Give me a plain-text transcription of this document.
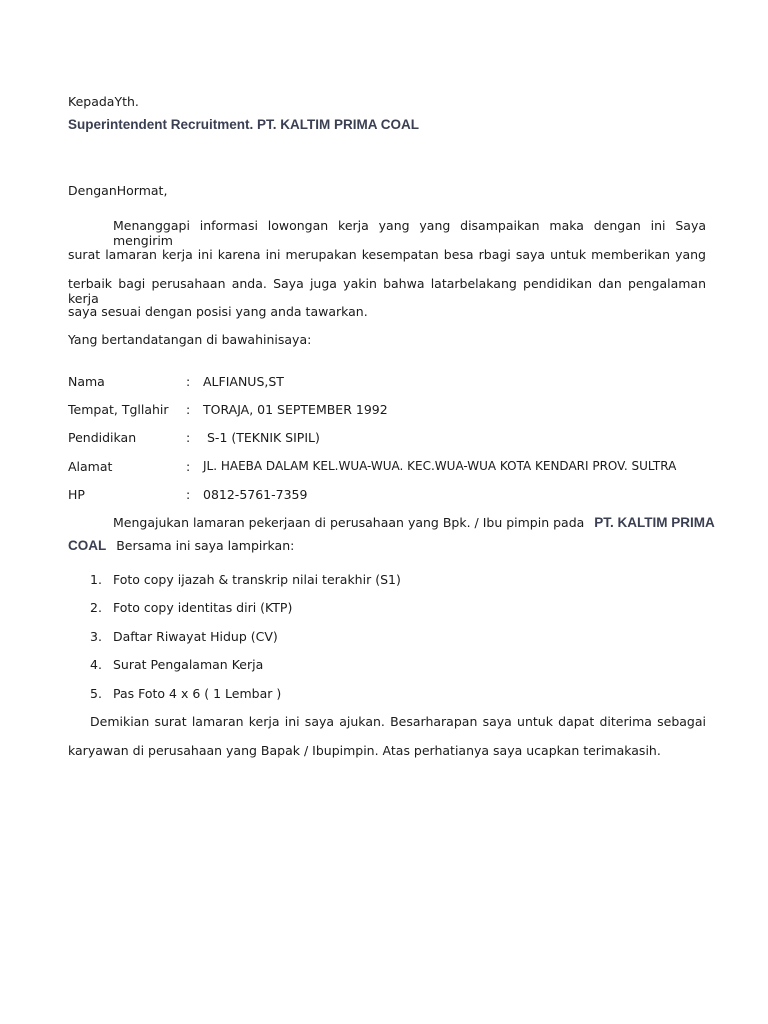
KepadaYth.
Superintendent Recruitment. PT. KALTIM PRIMA COAL
DenganHormat,
Menanggapi informasi lowongan kerja yang yang disampaikan maka dengan ini Saya mengirim
surat lamaran kerja ini karena ini merupakan kesempatan besa rbagi saya untuk memberikan yang
terbaik bagi perusahaan anda. Saya juga yakin bahwa latarbelakang pendidikan dan pengalaman kerja
saya sesuai dengan posisi yang anda tawarkan.
Yang bertandatangan di bawahinisaya:
Nama	: ALFIANUS,ST
Tempat, Tgllahir : TORAJA, 01 SEPTEMBER 1992
Pendidikan	: S-1 (TEKNIK SIPIL)
Alamat	: JL. HAEBA DALAM KEL.WUA-WUA. KEC.WUA-WUA KOTA KENDARI PROV. SULTRA
HP	: 0812-5761-7359
Mengajukan lamaran pekerjaan di perusahaan yang Bpk. / Ibu pimpin pada PT. KALTIM PRIMA
COAL Bersama ini saya lampirkan:
1. Foto copy ijazah & transkrip nilai terakhir (S1)
2. Foto copy identitas diri (KTP)
3. Daftar Riwayat Hidup (CV)
4. Surat Pengalaman Kerja
5. Pas Foto 4 x 6 ( 1 Lembar )
Demikian surat lamaran kerja ini saya ajukan. Besarharapan saya untuk dapat diterima sebagai
karyawan di perusahaan yang Bapak / Ibupimpin. Atas perhatianya saya ucapkan terimakasih.
